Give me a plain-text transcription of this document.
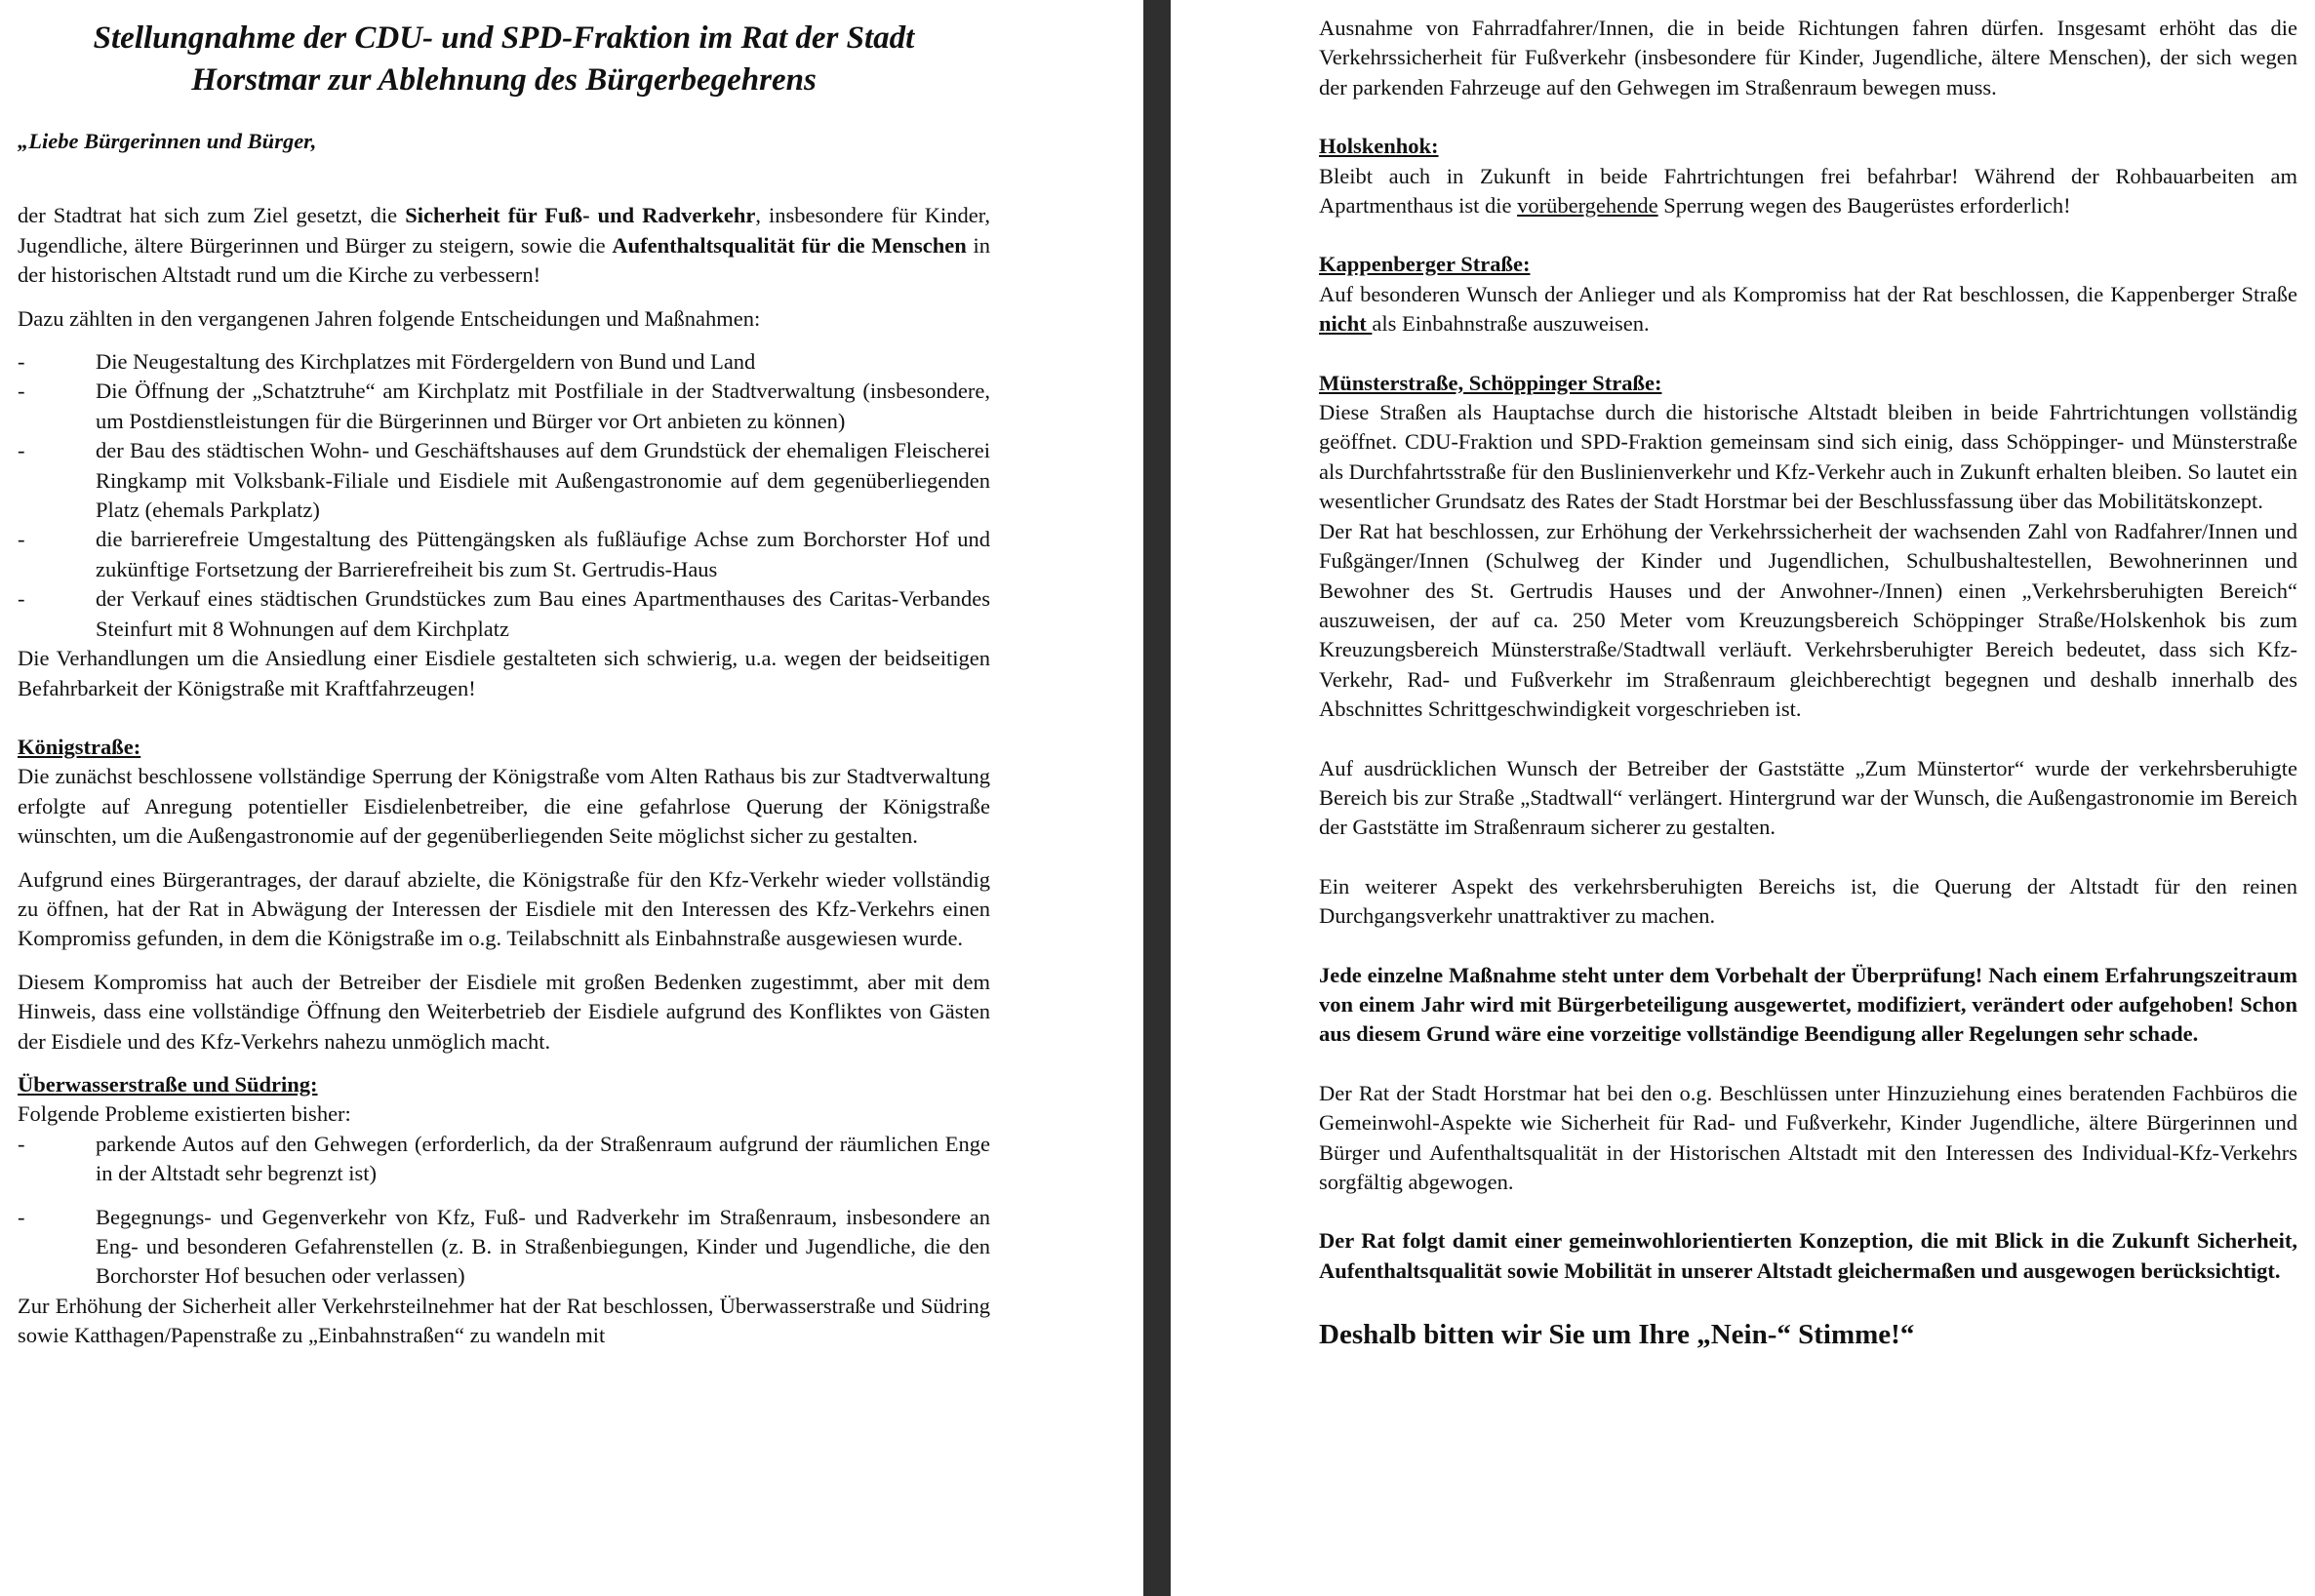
Stellungnahme der CDU- und SPD-Fraktion im Rat der Stadt
Horstmar zur Ablehnung des Bürgerbegehrens

„Liebe Bürgerinnen und Bürger,

der Stadtrat hat sich zum Ziel gesetzt, die Sicherheit für Fuß- und Radverkehr, insbesondere für Kinder, Jugendliche, ältere Bürgerinnen und Bürger zu steigern, sowie die Aufenthaltsqualität für die Menschen in der historischen Altstadt rund um die Kirche zu verbessern!

Dazu zählten in den vergangenen Jahren folgende Entscheidungen und Maßnahmen:

- Die Neugestaltung des Kirchplatzes mit Fördergeldern von Bund und Land
- Die Öffnung der „Schatztruhe“ am Kirchplatz mit Postfiliale in der Stadtverwaltung (insbesondere, um Postdienstleistungen für die Bürgerinnen und Bürger vor Ort anbieten zu können)
- der Bau des städtischen Wohn- und Geschäftshauses auf dem Grundstück der ehemaligen Fleischerei Ringkamp mit Volksbank-Filiale und Eisdiele mit Außengastronomie auf dem gegenüberliegenden Platz (ehemals Parkplatz)
- die barrierefreie Umgestaltung des Püttengängsken als fußläufige Achse zum Borchorster Hof und zukünftige Fortsetzung der Barrierefreiheit bis zum St. Gertrudis-Haus
- der Verkauf eines städtischen Grundstückes zum Bau eines Apartmenthauses des Caritas-Verbandes Steinfurt mit 8 Wohnungen auf dem Kirchplatz

Die Verhandlungen um die Ansiedlung einer Eisdiele gestalteten sich schwierig, u.a. wegen der beidseitigen Befahrbarkeit der Königstraße mit Kraftfahrzeugen!

Königstraße:

Die zunächst beschlossene vollständige Sperrung der Königstraße vom Alten Rathaus bis zur Stadtverwaltung erfolgte auf Anregung potentieller Eisdielenbetreiber, die eine gefahrlose Querung der Königstraße wünschten, um die Außengastronomie auf der gegenüberliegenden Seite möglichst sicher zu gestalten.

Aufgrund eines Bürgerantrages, der darauf abzielte, die Königstraße für den Kfz-Verkehr wieder vollständig zu öffnen, hat der Rat in Abwägung der Interessen der Eisdiele mit den Interessen des Kfz-Verkehrs einen Kompromiss gefunden, in dem die Königstraße im o.g. Teilabschnitt als Einbahnstraße ausgewiesen wurde.

Diesem Kompromiss hat auch der Betreiber der Eisdiele mit großen Bedenken zugestimmt, aber mit dem Hinweis, dass eine vollständige Öffnung den Weiterbetrieb der Eisdiele aufgrund des Konfliktes von Gästen der Eisdiele und des Kfz-Verkehrs nahezu unmöglich macht.

Überwasserstraße und Südring:

Folgende Probleme existierten bisher:

- parkende Autos auf den Gehwegen (erforderlich, da der Straßenraum aufgrund der räumlichen Enge in der Altstadt sehr begrenzt ist)
- Begegnungs- und Gegenverkehr von Kfz, Fuß- und Radverkehr im Straßenraum, insbesondere an Eng- und besonderen Gefahrenstellen (z. B. in Straßenbiegungen, Kinder und Jugendliche, die den Borchorster Hof besuchen oder verlassen)

Zur Erhöhung der Sicherheit aller Verkehrsteilnehmer hat der Rat beschlossen, Überwasserstraße und Südring sowie Katthagen/Papenstraße zu „Einbahnstraßen“ zu wandeln mit

Ausnahme von Fahrradfahrer/Innen, die in beide Richtungen fahren dürfen. Insgesamt erhöht das die Verkehrssicherheit für Fußverkehr (insbesondere für Kinder, Jugendliche, ältere Menschen), der sich wegen der parkenden Fahrzeuge auf den Gehwegen im Straßenraum bewegen muss.

Holskenhok:

Bleibt auch in Zukunft in beide Fahrtrichtungen frei befahrbar! Während der Rohbauarbeiten am Apartmenthaus ist die vorübergehende Sperrung wegen des Baugerüstes erforderlich!

Kappenberger Straße:

Auf besonderen Wunsch der Anlieger und als Kompromiss hat der Rat beschlossen, die Kappenberger Straße nicht als Einbahnstraße auszuweisen.

Münsterstraße, Schöppinger Straße:

Diese Straßen als Hauptachse durch die historische Altstadt bleiben in beide Fahrtrichtungen vollständig geöffnet. CDU-Fraktion und SPD-Fraktion gemeinsam sind sich einig, dass Schöppinger- und Münsterstraße als Durchfahrtsstraße für den Buslinienverkehr und Kfz-Verkehr auch in Zukunft erhalten bleiben. So lautet ein wesentlicher Grundsatz des Rates der Stadt Horstmar bei der Beschlussfassung über das Mobilitätskonzept.

Der Rat hat beschlossen, zur Erhöhung der Verkehrssicherheit der wachsenden Zahl von Radfahrer/Innen und Fußgänger/Innen (Schulweg der Kinder und Jugendlichen, Schulbushaltestellen, Bewohnerinnen und Bewohner des St. Gertrudis Hauses und der Anwohner-/Innen) einen „Verkehrsberuhigten Bereich“ auszuweisen, der auf ca. 250 Meter vom Kreuzungsbereich Schöppinger Straße/Holskenhok bis zum Kreuzungsbereich Münsterstraße/Stadtwall verläuft. Verkehrsberuhigter Bereich bedeutet, dass sich Kfz-Verkehr, Rad- und Fußverkehr im Straßenraum gleichberechtigt begegnen und deshalb innerhalb des Abschnittes Schrittgeschwindigkeit vorgeschrieben ist.

Auf ausdrücklichen Wunsch der Betreiber der Gaststätte „Zum Münstertor“ wurde der verkehrsberuhigte Bereich bis zur Straße „Stadtwall“ verlängert. Hintergrund war der Wunsch, die Außengastronomie im Bereich der Gaststätte im Straßenraum sicherer zu gestalten.

Ein weiterer Aspekt des verkehrsberuhigten Bereichs ist, die Querung der Altstadt für den reinen Durchgangsverkehr unattraktiver zu machen.

Jede einzelne Maßnahme steht unter dem Vorbehalt der Überprüfung! Nach einem Erfahrungszeitraum von einem Jahr wird mit Bürgerbeteiligung ausgewertet, modifiziert, verändert oder aufgehoben! Schon aus diesem Grund wäre eine vorzeitige vollständige Beendigung aller Regelungen sehr schade.

Der Rat der Stadt Horstmar hat bei den o.g. Beschlüssen unter Hinzuziehung eines beratenden Fachbüros die Gemeinwohl-Aspekte wie Sicherheit für Rad- und Fußverkehr, Kinder Jugendliche, ältere Bürgerinnen und Bürger und Aufenthaltsqualität in der Historischen Altstadt mit den Interessen des Individual-Kfz-Verkehrs sorgfältig abgewogen.

Der Rat folgt damit einer gemeinwohlorientierten Konzeption, die mit Blick in die Zukunft Sicherheit, Aufenthaltsqualität sowie Mobilität in unserer Altstadt gleichermaßen und ausgewogen berücksichtigt.

Deshalb bitten wir Sie um Ihre „Nein-“ Stimme!“
